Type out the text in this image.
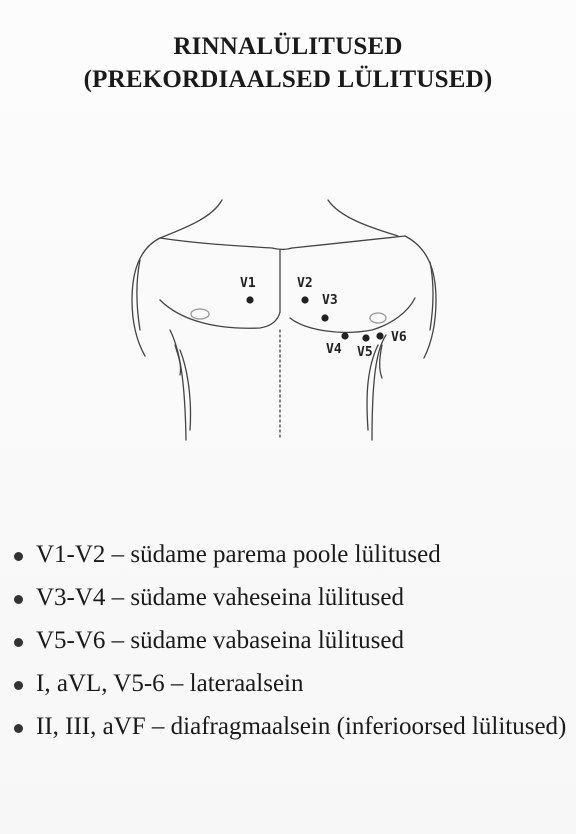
RINNALÜLITUSED
(PREKORDIAALSED LÜLITUSED)
V1	V2
V3
V4 V5
V6
V1-V2 – südame parema poole lülitused
V3-V4 – südame vaheseina lülitused
V5-V6 – südame vabaseina lülitused
I, aVL, V5-6 – lateraalsein
II, III, aVF – diafragmaalsein (inferioorsed lülitused)
